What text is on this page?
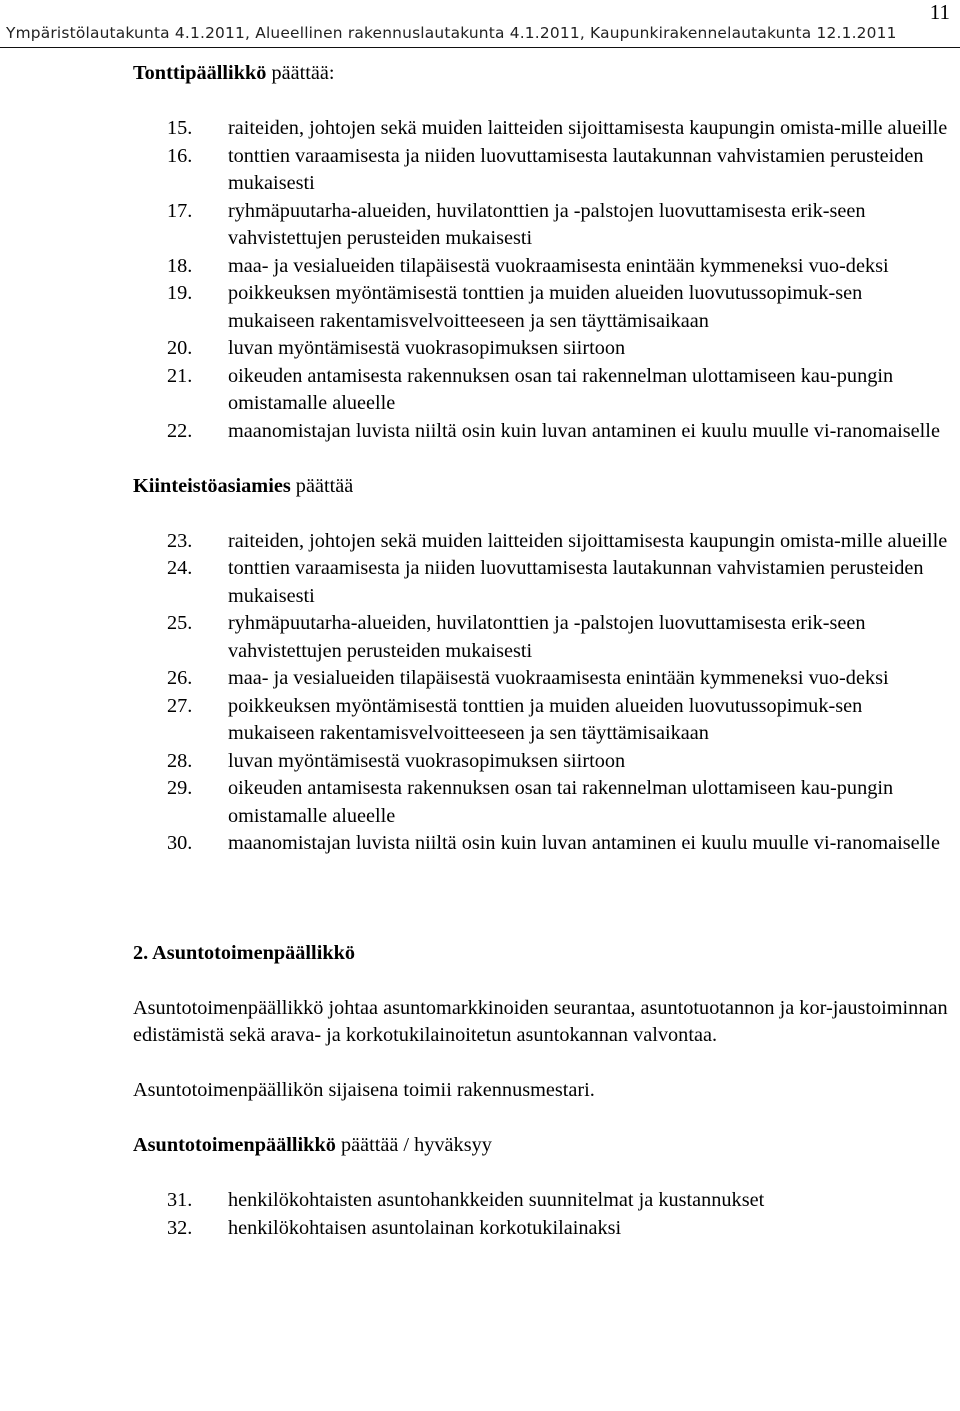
Ympäristölautakunta 4.1.2011, Alueellinen rakennuslautakunta 4.1.2011, Kaupunkirakennelautakunta 12.1.2011
11

Tonttipäällikkö päättää:

15. raiteiden, johtojen sekä muiden laitteiden sijoittamisesta kaupungin omista-mille alueille
16. tonttien varaamisesta ja niiden luovuttamisesta lautakunnan vahvistamien perusteiden mukaisesti
17. ryhmäpuutarha-alueiden, huvilatonttien ja -palstojen luovuttamisesta erik-seen vahvistettujen perusteiden mukaisesti
18. maa- ja vesialueiden tilapäisestä vuokraamisesta enintään kymmeneksi vuo-deksi
19. poikkeuksen myöntämisestä tonttien ja muiden alueiden luovutussopimuk-sen mukaiseen rakentamisvelvoitteeseen ja sen täyttämisaikaan
20. luvan myöntämisestä vuokrasopimuksen siirtoon
21. oikeuden antamisesta rakennuksen osan tai rakennelman ulottamiseen kau-pungin omistamalle alueelle
22. maanomistajan luvista niiltä osin kuin luvan antaminen ei kuulu muulle vi-ranomaiselle

Kiinteistöasiamies päättää

23. raiteiden, johtojen sekä muiden laitteiden sijoittamisesta kaupungin omista-mille alueille
24. tonttien varaamisesta ja niiden luovuttamisesta lautakunnan vahvistamien perusteiden mukaisesti
25. ryhmäpuutarha-alueiden, huvilatonttien ja -palstojen luovuttamisesta erik-seen vahvistettujen perusteiden mukaisesti
26. maa- ja vesialueiden tilapäisestä vuokraamisesta enintään kymmeneksi vuo-deksi
27. poikkeuksen myöntämisestä tonttien ja muiden alueiden luovutussopimuk-sen mukaiseen rakentamisvelvoitteeseen ja sen täyttämisaikaan
28. luvan myöntämisestä vuokrasopimuksen siirtoon
29. oikeuden antamisesta rakennuksen osan tai rakennelman ulottamiseen kau-pungin omistamalle alueelle
30. maanomistajan luvista niiltä osin kuin luvan antaminen ei kuulu muulle vi-ranomaiselle

2. Asuntotoimenpäällikkö

Asuntotoimenpäällikkö johtaa asuntomarkkinoiden seurantaa, asuntotuotannon ja kor-jaustoiminnan edistämistä sekä arava- ja korkotukilainoitetun asuntokannan valvontaa.

Asuntotoimenpäällikön sijaisena toimii rakennusmestari.

Asuntotoimenpäällikkö päättää / hyväksyy

31. henkilökohtaisten asuntohankkeiden suunnitelmat ja kustannukset
32. henkilökohtaisen asuntolainan korkotukilainaksi
